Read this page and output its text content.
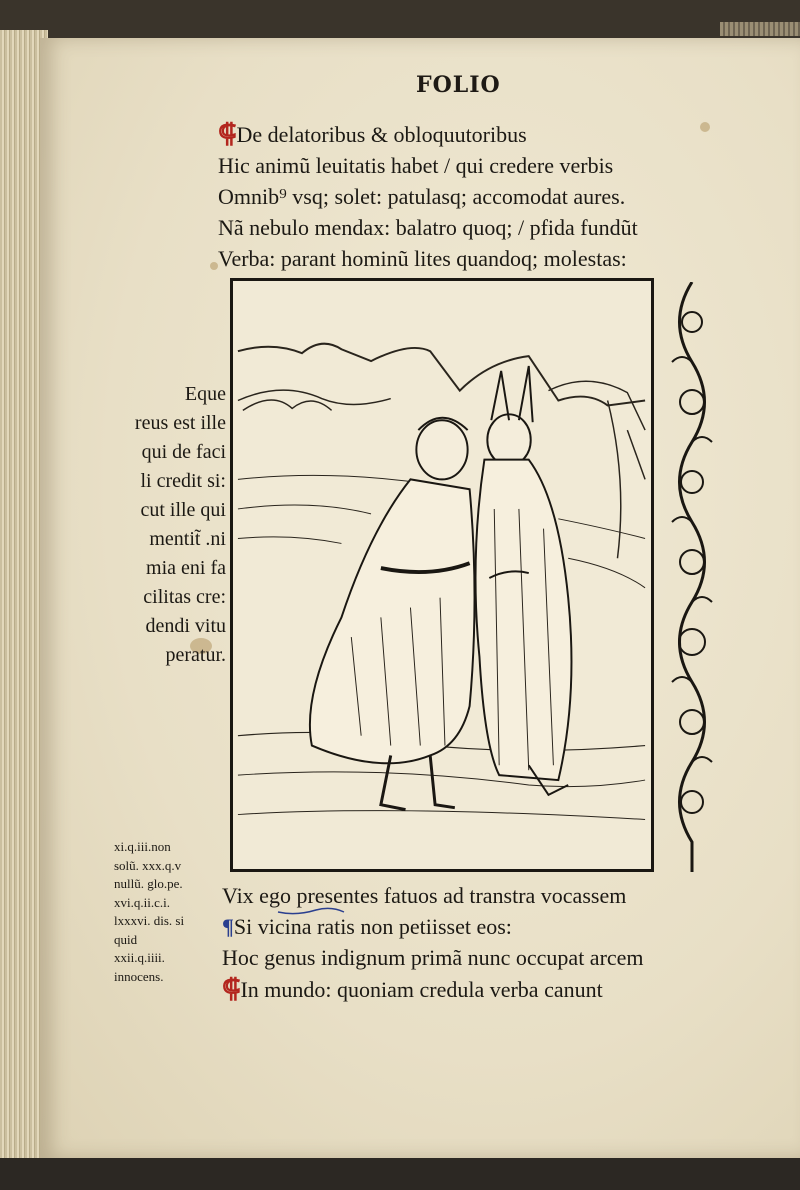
FOLIO
⸿De delatoribus & obloquutoribus
Hic animũ leuitatis habet / qui credere verbis
Omnib⁹ vsq; solet: patulasq; accomodat aures.
Nã nebulo mendax: balatro quoq; / pfida fundũt
Verba: parant hominũ lites quandoq; molestas:
Eque
reus est ille
qui de faci
li credit si:
cut ille qui
mentit̃ .ni
mia eni fa
cilitas cre:
dendi vitu
peratur.
xi.q.iii.non
solũ. xxx.q.v
nullũ. glo.pe.
xvi.q.ii.c.i.
lxxxvi. dis. si
quid
xxii.q.iiii.
innocens.
Vix ego presentes fatuos ad transtra vocassem
¶Si vicina ratis non petiisset eos:
Hoc genus indignum primã nunc occupat arcem
⸿In mundo: quoniam credula verba canunt
